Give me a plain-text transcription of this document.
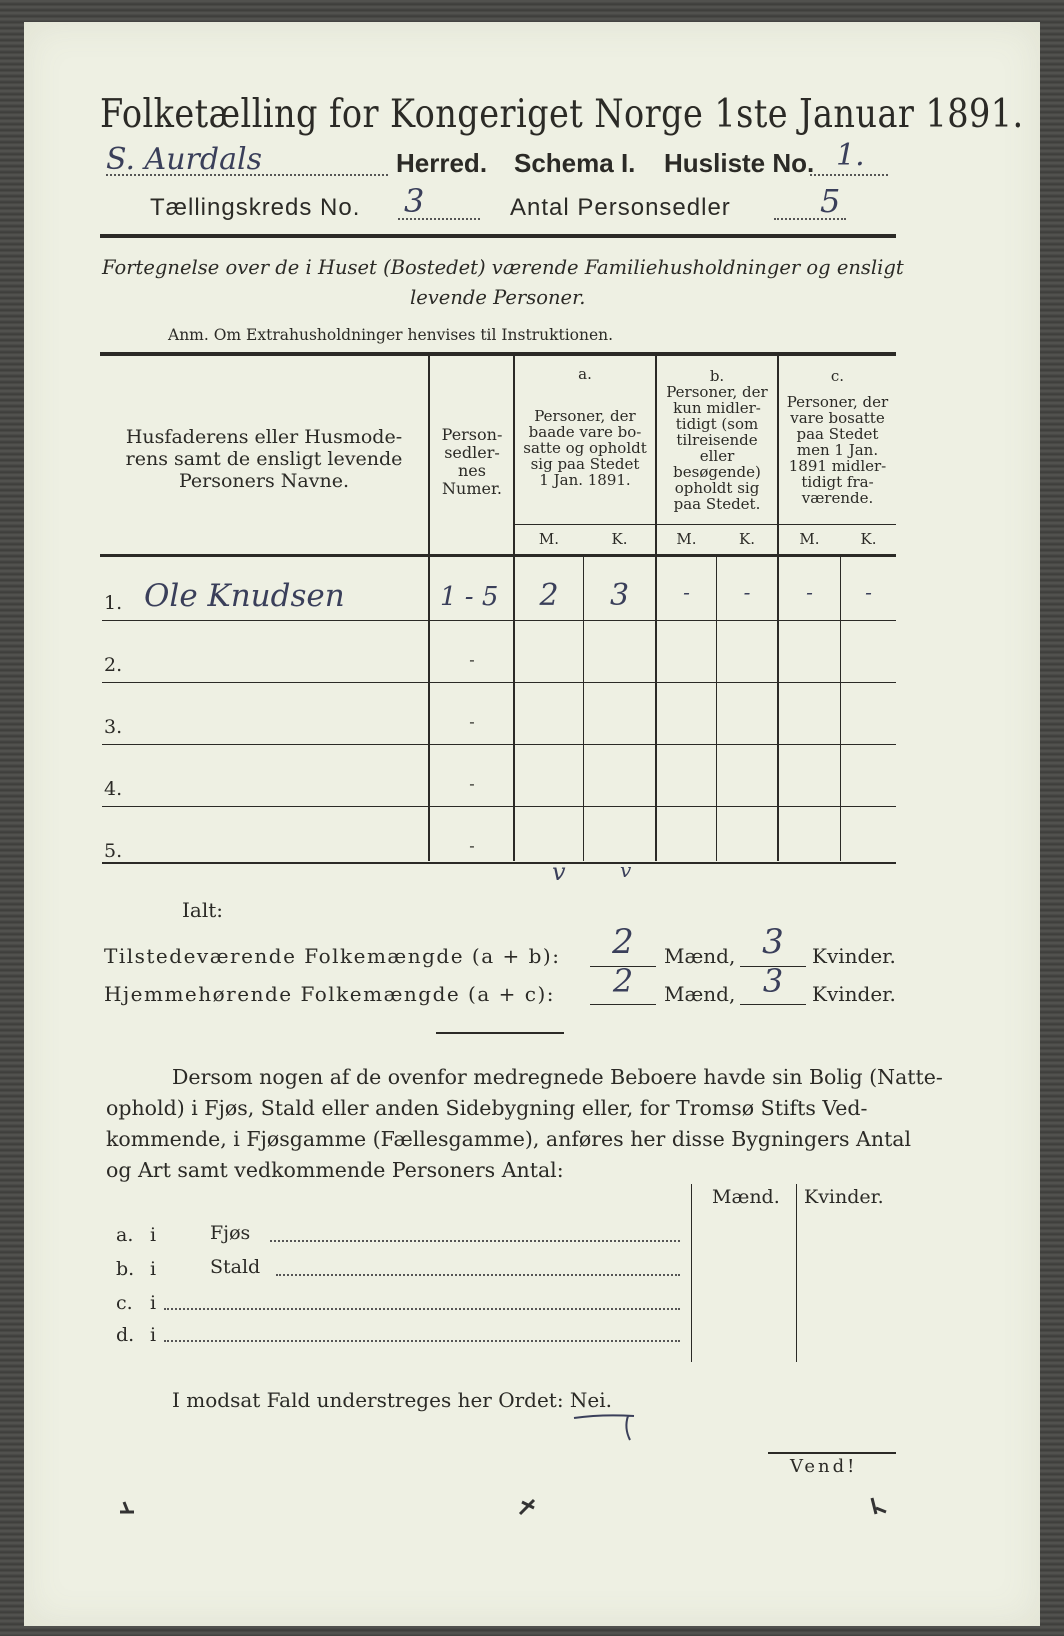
Folketælling for Kongeriget Norge 1ste Januar 1891.
S. Aurdals	Herred. Schema I. Husliste No. 1.
Tællingskreds No. 3	Antal Personsedler	5
Fortegnelse over de i Huset (Bostedet) værende Familiehusholdninger og ensligt
levende Personer.
Anm. Om Extrahusholdninger henvises til Instruktionen.
Husfaderens eller Husmode-
rens samt de ensligt levende
Personers Navne.
Person-
sedler-
nes
Numer.
a.
Personer, der
baade vare bo-
satte og opholdt
sig paa Stedet
1 Jan. 1891.
b.
Personer, der
kun midler-
tidigt (som
tilreisende
eller
besøgende)
opholdt sig
paa Stedet.
c.
Personer, der
vare bosatte
paa Stedet
men 1 Jan.
1891 midler-
tidigt fra-
værende.
M.	K.	M.	K.	M.	K.
1. Ole Knudsen	1 - 5	2	3	-	-	-	-
2.	-
3.	-
4.	-
5.	-
v	v
Ialt:
Tilstedeværende Folkemængde (a + b):	2	Mænd, 3	Kvinder.
Hjemmehørende Folkemængde (a + c):	2	Mænd, 3	Kvinder.
Dersom nogen af de ovenfor medregnede Beboere havde sin Bolig (Natte-
ophold) i Fjøs, Stald eller anden Sidebygning eller, for Tromsø Stifts Ved-
kommende, i Fjøsgamme (Fællesgamme), anføres her disse Bygningers Antal
og Art samt vedkommende Personers Antal:
Mænd. Kvinder.
a. i	Fjøs
b. i	Stald
c. i
d. i
I modsat Fald understreges her Ordet: Nei.
Vend!
